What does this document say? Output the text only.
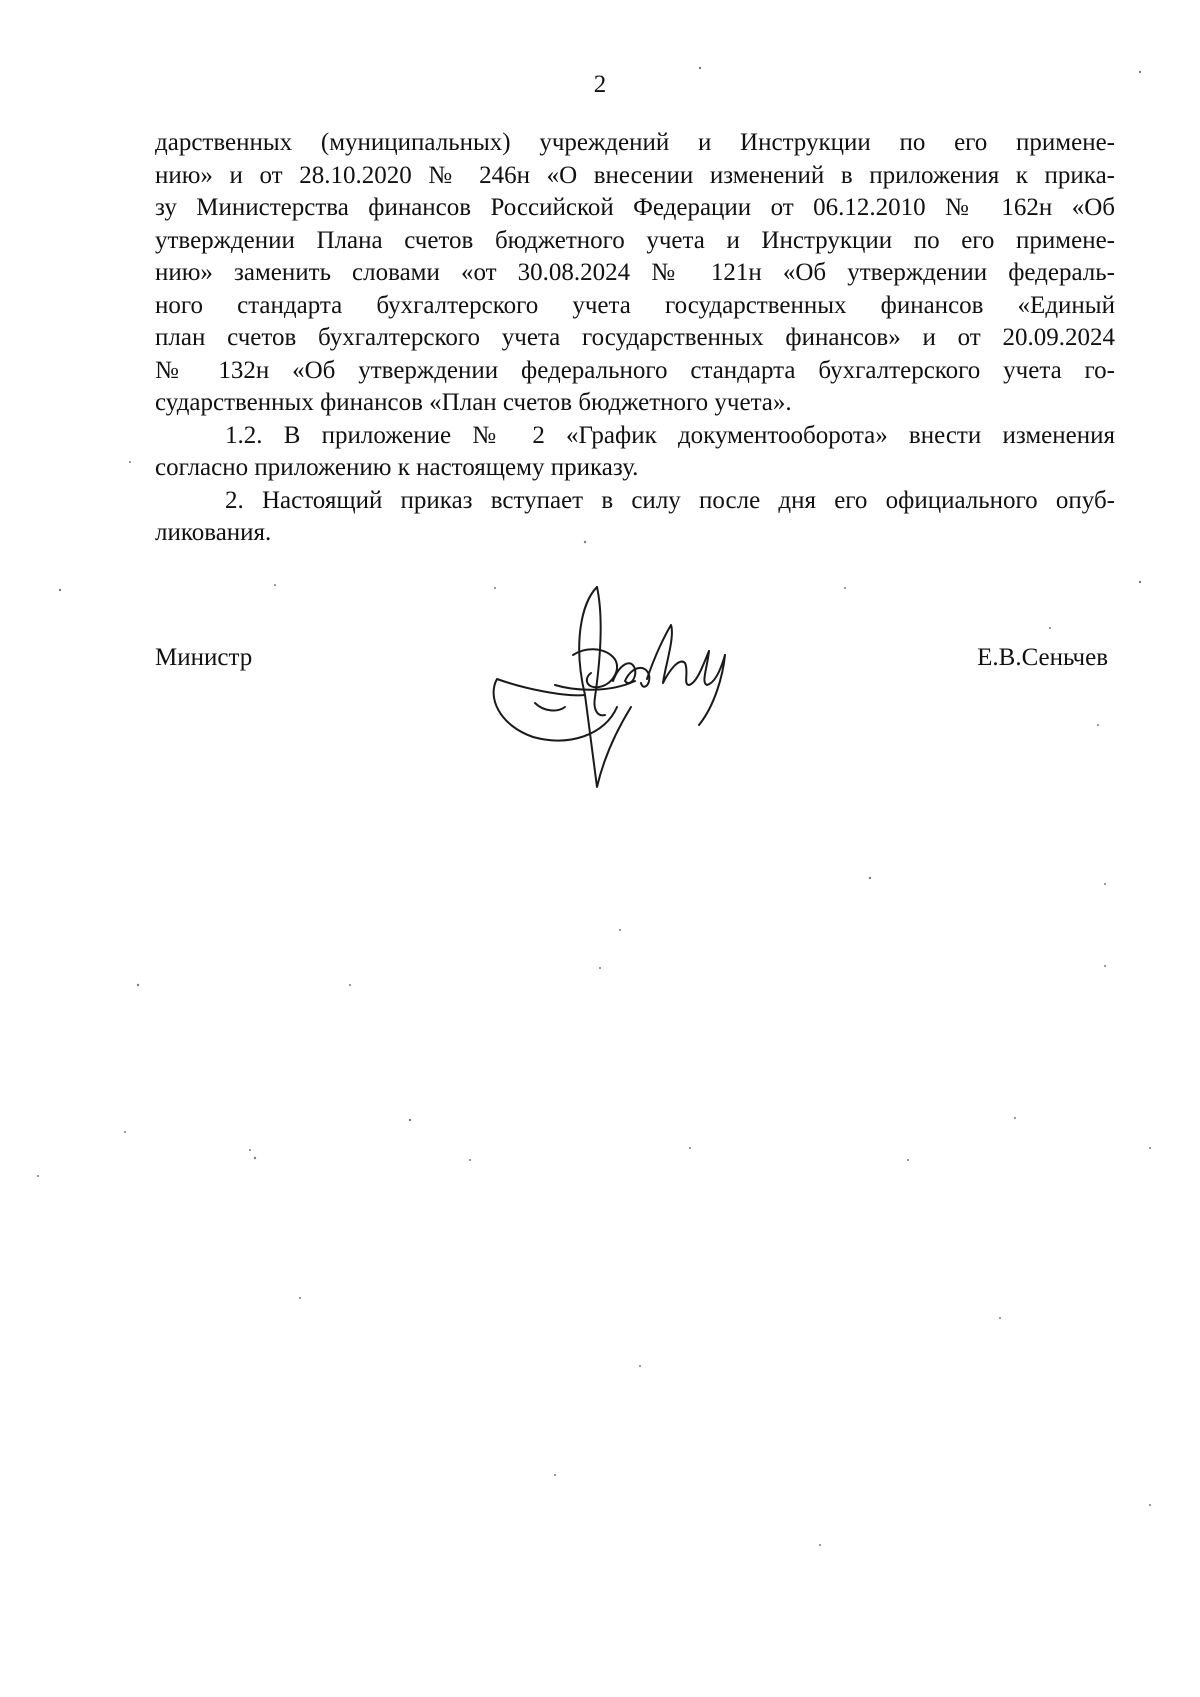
2

дарственных (муниципальных) учреждений и Инструкции по его примене-
нию» и от 28.10.2020 № 246н «О внесении изменений в приложения к прика-
зу Министерства финансов Российской Федерации от 06.12.2010 № 162н «Об
утверждении Плана счетов бюджетного учета и Инструкции по его примене-
нию» заменить словами «от 30.08.2024 № 121н «Об утверждении федераль-
ного стандарта бухгалтерского учета государственных финансов «Единый
план счетов бухгалтерского учета государственных финансов» и от 20.09.2024
№ 132н «Об утверждении федерального стандарта бухгалтерского учета го-
сударственных финансов «План счетов бюджетного учета».

1.2. В приложение № 2 «График документооборота» внести изменения
согласно приложению к настоящему приказу.

2. Настоящий приказ вступает в силу после дня его официального опуб-
ликования.

Министр	Е.В.Сеньчев
